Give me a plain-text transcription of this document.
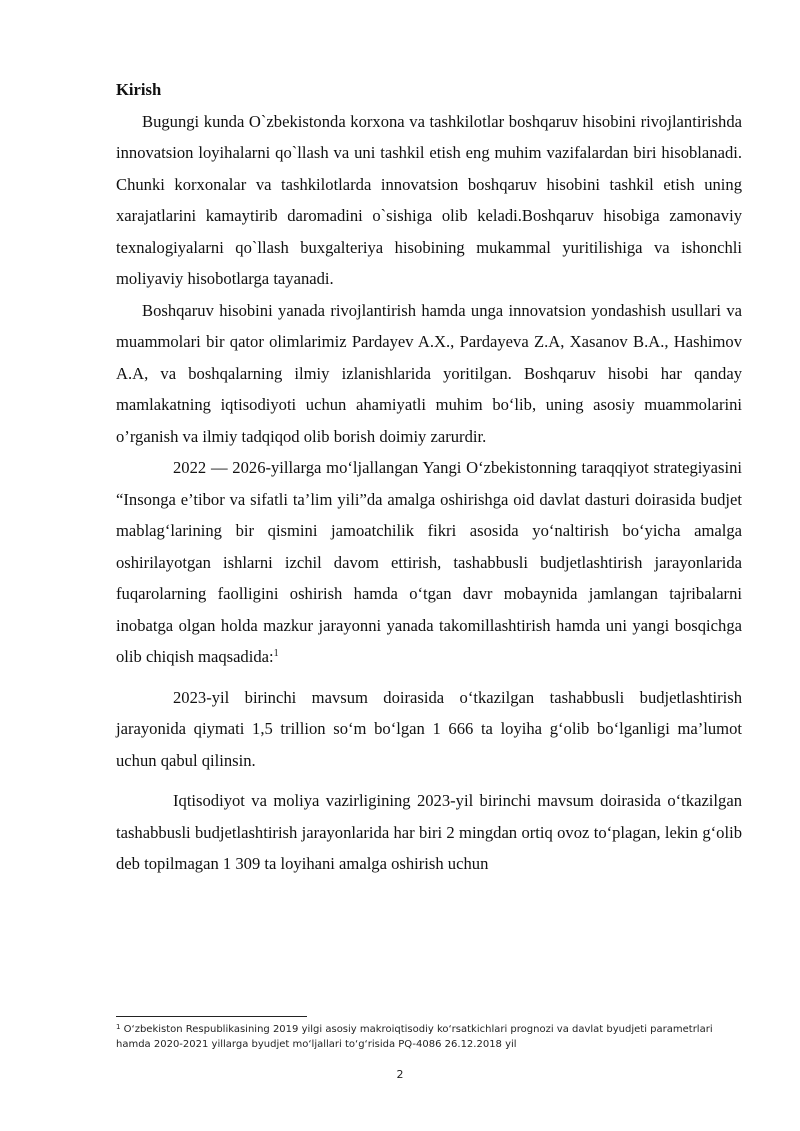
Kirish

Bugungi kunda O`zbekistonda korxona va tashkilotlar boshqaruv hisobini rivojlantirishda innovatsion loyihalarni qo`llash va uni tashkil etish eng muhim vazifalardan biri hisoblanadi. Chunki korxonalar va tashkilotlarda innovatsion boshqaruv hisobini tashkil etish uning xarajatlarini kamaytirib daromadini o`sishiga olib keladi.Boshqaruv hisobiga zamonaviy texnalogiyalarni qo`llash buxgalteriya hisobining mukammal yuritilishiga va ishonchli moliyaviy hisobotlarga tayanadi.

Boshqaruv hisobini yanada rivojlantirish hamda unga innovatsion yondashish usullari va muammolari bir qator olimlarimiz Pardayev A.X., Pardayeva Z.A, Xasanov B.A., Hashimov A.A, va boshqalarning ilmiy izlanishlarida yoritilgan. Boshqaruv hisobi har qanday mamlakatning iqtisodiyoti uchun ahamiyatli muhim bo‘lib, uning asosiy muammolarini o’rganish va ilmiy tadqiqod olib borish doimiy zarurdir.

2022 — 2026-yillarga mo‘ljallangan Yangi O‘zbekistonning taraqqiyot strategiyasini “Insonga e’tibor va sifatli ta’lim yili”da amalga oshirishga oid davlat dasturi doirasida budjet mablag‘larining bir qismini jamoatchilik fikri asosida yo‘naltirish bo‘yicha amalga oshirilayotgan ishlarni izchil davom ettirish, tashabbusli budjetlashtirish jarayonlarida fuqarolarning faolligini oshirish hamda o‘tgan davr mobaynida jamlangan tajribalarni inobatga olgan holda mazkur jarayonni yanada takomillashtirish hamda uni yangi bosqichga olib chiqish maqsadida:$^1$

2023-yil birinchi mavsum doirasida o‘tkazilgan tashabbusli budjetlashtirish jarayonida qiymati 1,5 trillion so‘m bo‘lgan 1 666 ta loyiha g‘olib bo‘lganligi ma’lumot uchun qabul qilinsin.

Iqtisodiyot va moliya vazirligining 2023-yil birinchi mavsum doirasida o‘tkazilgan tashabbusli budjetlashtirish jarayonlarida har biri 2 mingdan ortiq ovoz to‘plagan, lekin g‘olib deb topilmagan 1 309 ta loyihani amalga oshirish uchun

$^1$ O‘zbekiston Respublikasining 2019 yilgi asosiy makroiqtisodiy ko‘rsatkichlari prognozi va davlat byudjeti parametrlari hamda 2020-2021 yillarga byudjet mo‘ljallari to‘g‘risida PQ-4086 26.12.2018 yil
2
